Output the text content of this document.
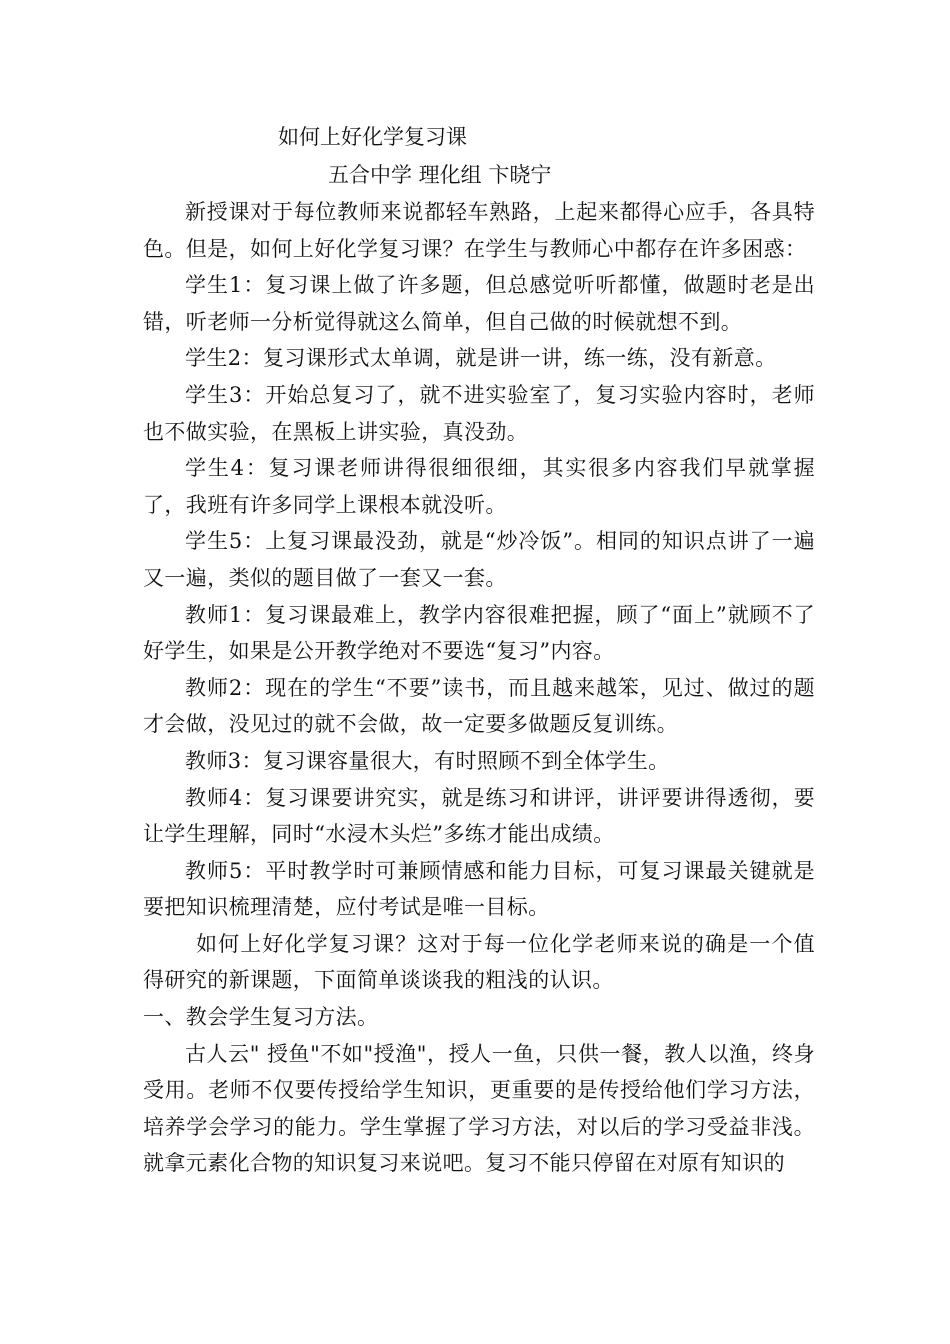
如何上好化学复习课

五合中学 理化组 卞晓宁

新授课对于每位教师来说都轻车熟路，上起来都得心应手，各具特色。但是，如何上好化学复习课？在学生与教师心中都存在许多困惑：

学生1：复习课上做了许多题，但总感觉听听都懂，做题时老是出错，听老师一分析觉得就这么简单，但自己做的时候就想不到。

学生2：复习课形式太单调，就是讲一讲，练一练，没有新意。

学生3：开始总复习了，就不进实验室了，复习实验内容时，老师也不做实验，在黑板上讲实验，真没劲。

学生4：复习课老师讲得很细很细，其实很多内容我们早就掌握了，我班有许多同学上课根本就没听。

学生5：上复习课最没劲，就是“炒冷饭”。相同的知识点讲了一遍又一遍，类似的题目做了一套又一套。

教师1：复习课最难上，教学内容很难把握，顾了“面上”就顾不了好学生，如果是公开教学绝对不要选“复习”内容。

教师2：现在的学生“不要”读书，而且越来越笨，见过、做过的题才会做，没见过的就不会做，故一定要多做题反复训练。

教师3：复习课容量很大，有时照顾不到全体学生。

教师4：复习课要讲究实，就是练习和讲评，讲评要讲得透彻，要让学生理解，同时“水浸木头烂”多练才能出成绩。

教师5：平时教学时可兼顾情感和能力目标，可复习课最关键就是要把知识梳理清楚，应付考试是唯一目标。

如何上好化学复习课？这对于每一位化学老师来说的确是一个值得研究的新课题，下面简单谈谈我的粗浅的认识。

一、教会学生复习方法。

古人云" 授鱼"不如"授渔"，授人一鱼，只供一餐，教人以渔，终身受用。老师不仅要传授给学生知识，更重要的是传授给他们学习方法，培养学会学习的能力。学生掌握了学习方法，对以后的学习受益非浅。就拿元素化合物的知识复习来说吧。复习不能只停留在对原有知识的
